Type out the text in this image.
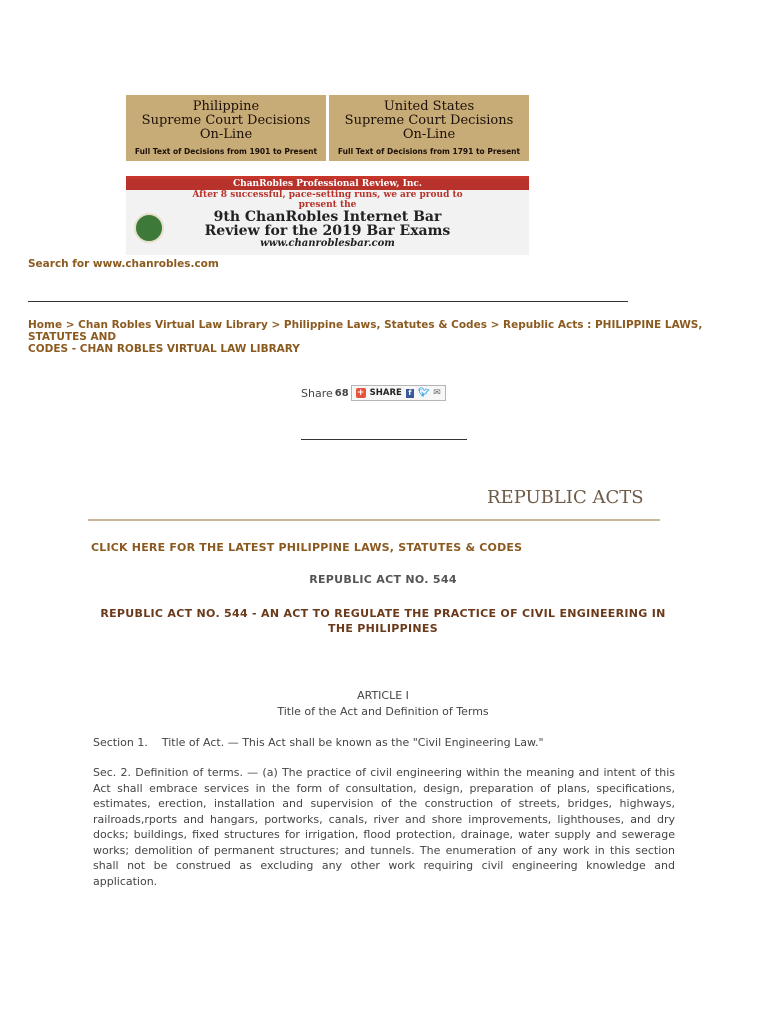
Philippine
Supreme Court Decisions
On-Line
Full Text of Decisions from 1901 to Present
United States
Supreme Court Decisions
On-Line
Full Text of Decisions from 1791 to Present
ChanRobles Professional Review, Inc.
After 8 successful, pace-setting runs, we are proud to
present the
9th ChanRobles Internet Bar
Review for the 2019 Bar Exams
www.chanroblesbar.com
Search for www.chanrobles.com
Home > Chan Robles Virtual Law Library > Philippine Laws, Statutes & Codes > Republic Acts : PHILIPPINE LAWS, STATUTES AND
CODES - CHAN ROBLES VIRTUAL LAW LIBRARY
Share 68 + SHARE f 🐦︎ ✉
REPUBLIC ACTS
CLICK HERE FOR THE LATEST PHILIPPINE LAWS, STATUTES & CODES
REPUBLIC ACT NO. 544
REPUBLIC ACT NO. 544 - AN ACT TO REGULATE THE PRACTICE OF CIVIL ENGINEERING IN THE PHILIPPINES
ARTICLE I
Title of the Act and Definition of Terms
Section 1.    Title of Act. — This Act shall be known as the "Civil Engineering Law."
Sec. 2. Definition of terms. — (a) The practice of civil engineering within the meaning and intent of this Act shall embrace services in the form of consultation, design, preparation of plans, specifications, estimates, erection, installation and supervision of the construction of streets, bridges, highways, railroads,rports and hangars, portworks, canals, river and shore improvements, lighthouses, and dry docks; buildings, fixed structures for irrigation, flood protection, drainage, water supply and sewerage works; demolition of permanent structures; and tunnels. The enumeration of any work in this section shall not be construed as excluding any other work requiring civil engineering knowledge and application.
